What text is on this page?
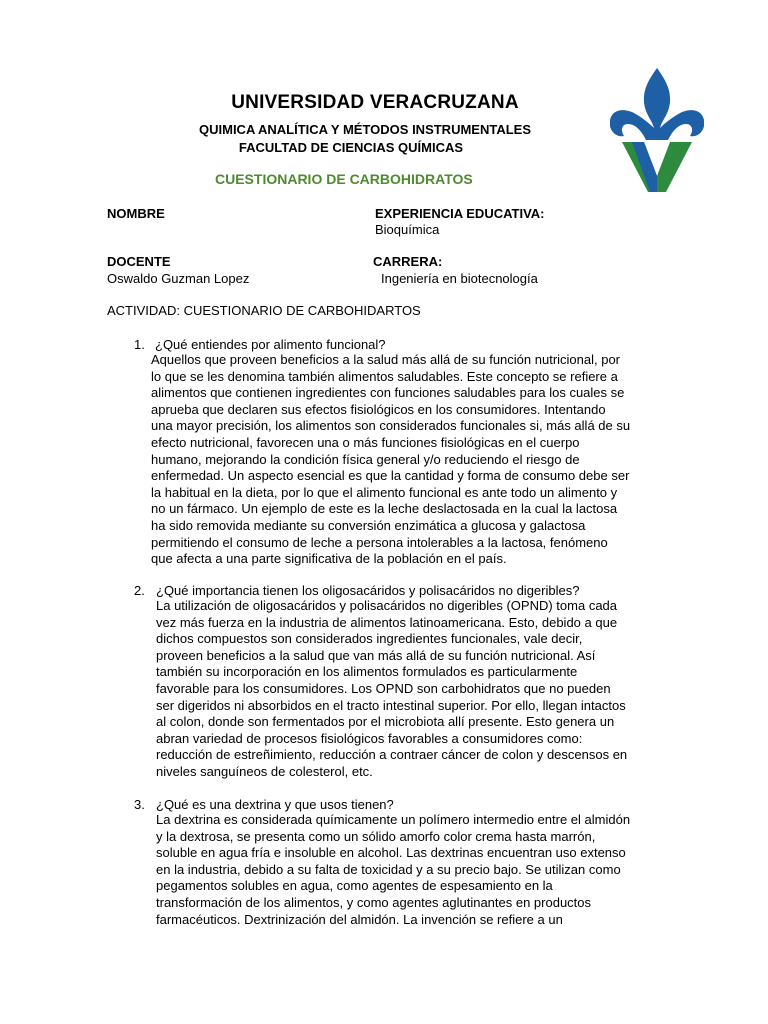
UNIVERSIDAD VERACRUZANA
QUIMICA ANALÍTICA Y MÉTODOS INSTRUMENTALES
FACULTAD DE CIENCIAS QUÍMICAS
CUESTIONARIO DE CARBOHIDRATOS
NOMBRE	EXPERIENCIA EDUCATIVA:
Bioquímica
DOCENTE
Oswaldo Guzman Lopez
CARRERA:
Ingeniería en biotecnología
ACTIVIDAD: CUESTIONARIO DE CARBOHIDARTOS
1. ¿Qué entiendes por alimento funcional?
Aquellos que proveen beneficios a la salud más allá de su función nutricional, por
lo que se les denomina también alimentos saludables. Este concepto se refiere a
alimentos que contienen ingredientes con funciones saludables para los cuales se
aprueba que declaren sus efectos fisiológicos en los consumidores. Intentando
una mayor precisión, los alimentos son considerados funcionales si, más allá de su
efecto nutricional, favorecen una o más funciones fisiológicas en el cuerpo
humano, mejorando la condición física general y/o reduciendo el riesgo de
enfermedad. Un aspecto esencial es que la cantidad y forma de consumo debe ser
la habitual en la dieta, por lo que el alimento funcional es ante todo un alimento y
no un fármaco. Un ejemplo de este es la leche deslactosada en la cual la lactosa
ha sido removida mediante su conversión enzimática a glucosa y galactosa
permitiendo el consumo de leche a persona intolerables a la lactosa, fenómeno
que afecta a una parte significativa de la población en el país.
2. ¿Qué importancia tienen los oligosacáridos y polisacáridos no digeribles?
La utilización de oligosacáridos y polisacáridos no digeribles (OPND) toma cada
vez más fuerza en la industria de alimentos latinoamericana. Esto, debido a que
dichos compuestos son considerados ingredientes funcionales, vale decir,
proveen beneficios a la salud que van más allá de su función nutricional. Así
también su incorporación en los alimentos formulados es particularmente
favorable para los consumidores. Los OPND son carbohidratos que no pueden
ser digeridos ni absorbidos en el tracto intestinal superior. Por ello, llegan intactos
al colon, donde son fermentados por el microbiota allí presente. Esto genera un
abran variedad de procesos fisiológicos favorables a consumidores como:
reducción de estreñimiento, reducción a contraer cáncer de colon y descensos en
niveles sanguíneos de colesterol, etc.
3. ¿Qué es una dextrina y que usos tienen?
La dextrina es considerada químicamente un polímero intermedio entre el almidón
y la dextrosa, se presenta como un sólido amorfo color crema hasta marrón,
soluble en agua fría e insoluble en alcohol. Las dextrinas encuentran uso extenso
en la industria, debido a su falta de toxicidad y a su precio bajo. Se utilizan como
pegamentos solubles en agua, como agentes de espesamiento en la
transformación de los alimentos, y como agentes aglutinantes en productos
farmacéuticos. Dextrinización del almidón. La invención se refiere a un
